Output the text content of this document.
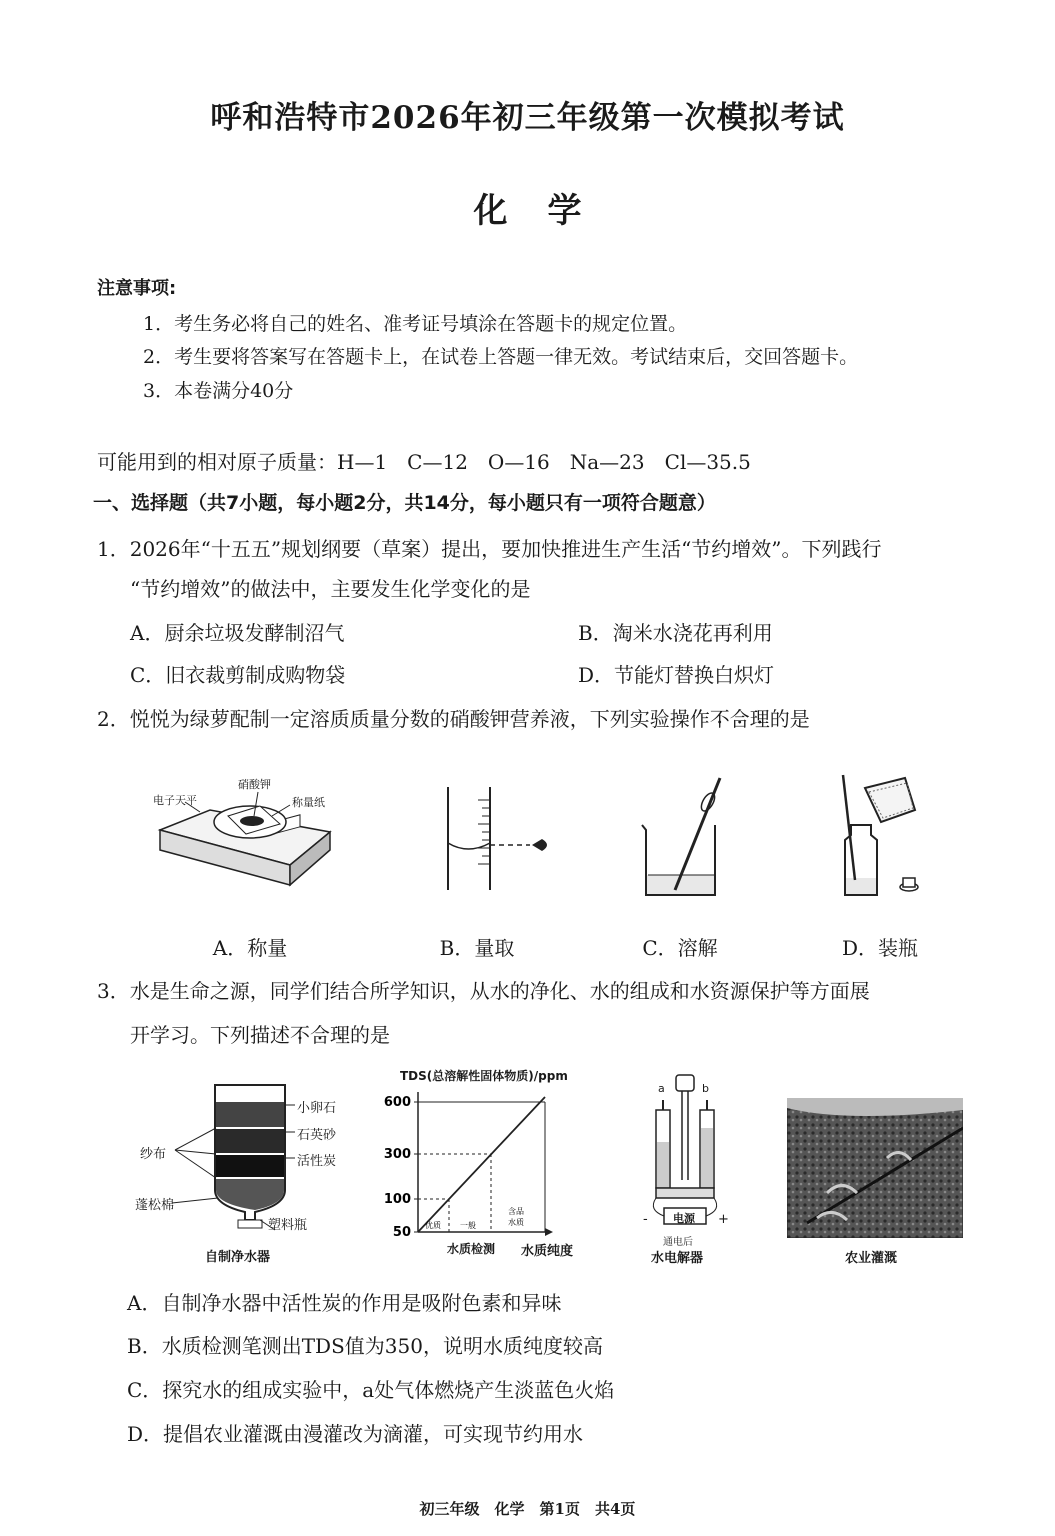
呼和浩特市2026年初三年级第一次模拟考试
化学
注意事项:
1．考生务必将自己的姓名、准考证号填涂在答题卡的规定位置。
2．考生要将答案写在答题卡上，在试卷上答题一律无效。考试结束后，交回答题卡。
3．本卷满分40分
可能用到的相对原子质量：H—1　C—12　O—16　Na—23　Cl—35.5
一、选择题（共7小题，每小题2分，共14分，每小题只有一项符合题意）
1．2026年“十五五”规划纲要（草案）提出，要加快推进生产生活“节约增效”。下列践行
“节约增效”的做法中，主要发生化学变化的是
A．厨余垃圾发酵制沼气	B．淘米水浇花再利用
C．旧衣裁剪制成购物袋	D．节能灯替换白炽灯
2．悦悦为绿萝配制一定溶质质量分数的硝酸钾营养液，下列实验操作不 •合 •理 •的是
电子天平
硝酸钾
称量纸
A．称量	B．量取	C．溶解	D．装瓶
3．水是生命之源，同学们结合所学知识，从水的净化、水的组成和水资源保护等方面展
开学习。下列描述不 •合 •理 •的是
小卵石
石英砂
活性炭
纱布
蓬松棉
塑料瓶
自制净水器
TDS(总溶解性固体物质)/ppm
600
300
100
50 优质 一般
含品
水质
水质检测 水质纯度
a	b
电源
-	+
通电后
水电解器	农业灌溉
A．自制净水器中活性炭的作用是吸附色素和异味
B．水质检测笔测出TDS值为350，说明水质纯度较高
C．探究水的组成实验中，a处气体燃烧产生淡蓝色火焰
D．提倡农业灌溉由漫灌改为滴灌，可实现节约用水
初三年级　化学　第1页　共4页
